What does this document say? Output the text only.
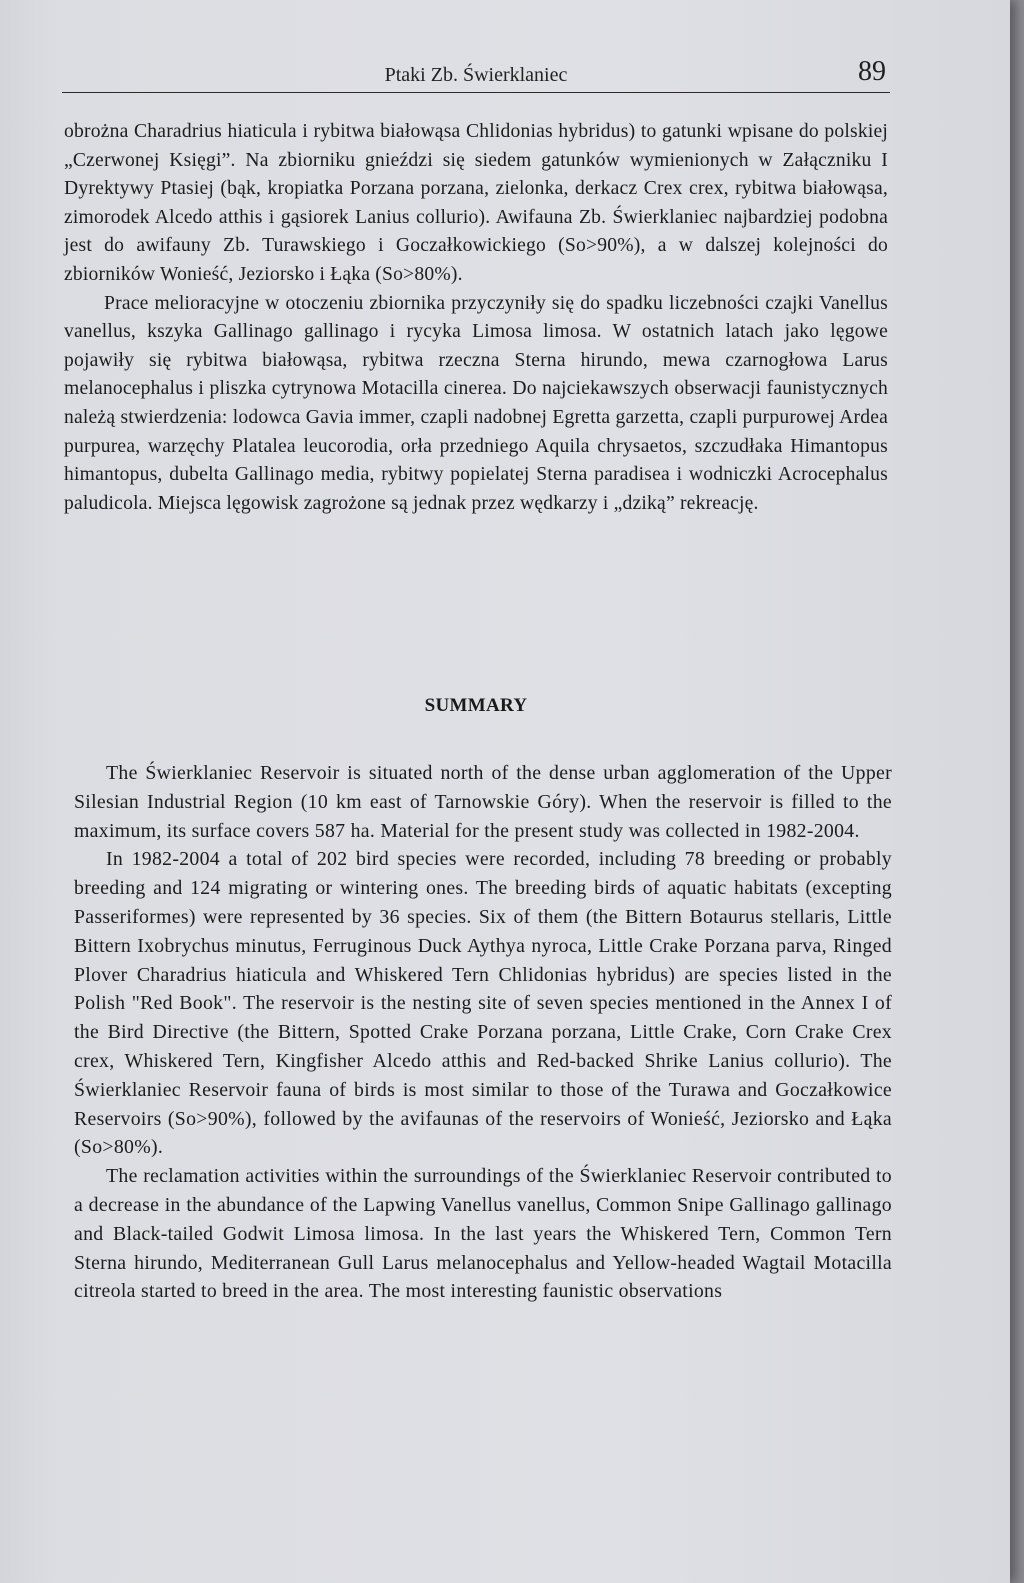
Ptaki Zb. Świerklaniec	89

obrożna Charadrius hiaticula i rybitwa białowąsa Chlidonias hybridus) to gatunki wpisane do polskiej „Czerwonej Księgi”. Na zbiorniku gnieździ się siedem gatunków wymienionych w Załączniku I Dyrektywy Ptasiej (bąk, kropiatka Porzana porzana, zielonka, derkacz Crex crex, rybitwa białowąsa, zimorodek Alcedo atthis i gąsiorek Lanius collurio). Awifauna Zb. Świerklaniec najbardziej podobna jest do awifauny Zb. Turawskiego i Goczałkowickiego (So>90%), a w dalszej kolejności do zbiorników Wonieść, Jeziorsko i Łąka (So>80%).

Prace melioracyjne w otoczeniu zbiornika przyczyniły się do spadku liczebności czajki Vanellus vanellus, kszyka Gallinago gallinago i rycyka Limosa limosa. W ostatnich latach jako lęgowe pojawiły się rybitwa białowąsa, rybitwa rzeczna Sterna hirundo, mewa czarnogłowa Larus melanocephalus i pliszka cytrynowa Motacilla cinerea. Do najciekawszych obserwacji faunistycznych należą stwierdzenia: lodowca Gavia immer, czapli nadobnej Egretta garzetta, czapli purpurowej Ardea purpurea, warzęchy Platalea leucorodia, orła przedniego Aquila chrysaetos, szczudłaka Himantopus himantopus, dubelta Gallinago media, rybitwy popielatej Sterna paradisea i wodniczki Acrocephalus paludicola. Miejsca lęgowisk zagrożone są jednak przez wędkarzy i „dziką” rekreację.

SUMMARY

The Świerklaniec Reservoir is situated north of the dense urban agglomeration of the Upper Silesian Industrial Region (10 km east of Tarnowskie Góry). When the reservoir is filled to the maximum, its surface covers 587 ha. Material for the present study was collected in 1982-2004.

In 1982-2004 a total of 202 bird species were recorded, including 78 breeding or probably breeding and 124 migrating or wintering ones. The breeding birds of aquatic habitats (excepting Passeriformes) were represented by 36 species. Six of them (the Bittern Botaurus stellaris, Little Bittern Ixobrychus minutus, Ferruginous Duck Aythya nyroca, Little Crake Porzana parva, Ringed Plover Charadrius hiaticula and Whiskered Tern Chlidonias hybridus) are species listed in the Polish "Red Book". The reservoir is the nesting site of seven species mentioned in the Annex I of the Bird Directive (the Bittern, Spotted Crake Porzana porzana, Little Crake, Corn Crake Crex crex, Whiskered Tern, Kingfisher Alcedo atthis and Red-backed Shrike Lanius collurio). The Świerklaniec Reservoir fauna of birds is most similar to those of the Turawa and Goczałkowice Reservoirs (So>90%), followed by the avifaunas of the reservoirs of Wonieść, Jeziorsko and Łąka (So>80%).

The reclamation activities within the surroundings of the Świerklaniec Reservoir contributed to a decrease in the abundance of the Lapwing Vanellus vanellus, Common Snipe Gallinago gallinago and Black-tailed Godwit Limosa limosa. In the last years the Whiskered Tern, Common Tern Sterna hirundo, Mediterranean Gull Larus melanocephalus and Yellow-headed Wagtail Motacilla citreola started to breed in the area. The most interesting faunistic observations
